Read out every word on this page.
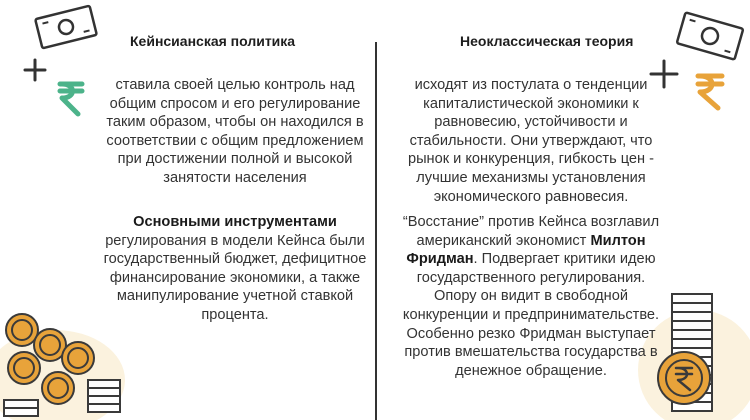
Кейнсианская политика
ставила своей целью контроль над общим спросом и его регулирование таким образом, чтобы он находился в соответствии с общим предложением при достижении полной и высокой занятости населения
Основными инструментами регулирования в модели Кейнса были государственный бюджет, дефицитное финансирование экономики, а также манипулирование учетной ставкой процента.
Неоклассическая теория
исходят из постулата о тенденции капиталистической экономики к равновесию, устойчивости и стабильности. Они утверждают, что рынок и конкуренция, гибкость цен - лучшие механизмы установления экономического равновесия.
“Восстание” против Кейнса возглавил американский экономист Милтон Фридман. Подвергает критики идею государственного регулирования. Опору он видит в свободной конкуренции и предпринимательстве. Особенно резко Фридман выступает против вмешательства государства в денежное обращение.
